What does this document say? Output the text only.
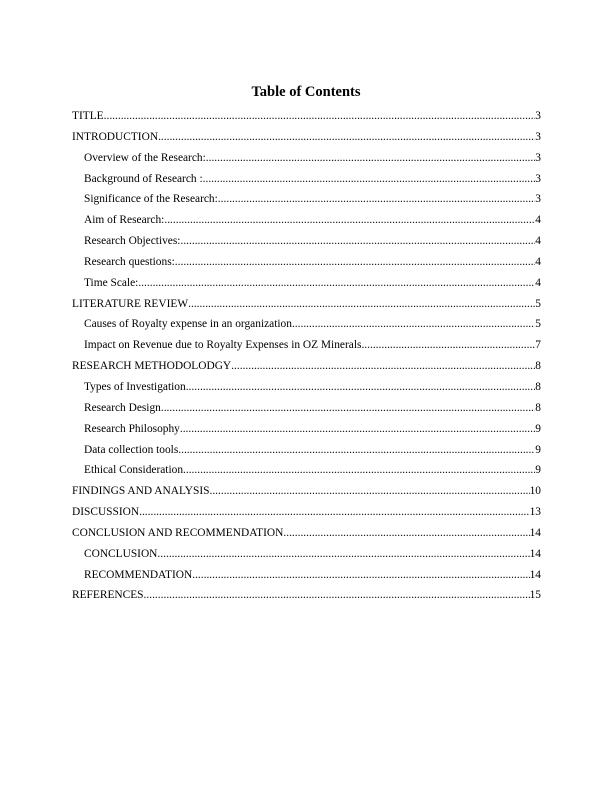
Table of Contents
TITLE .....	3
INTRODUCTION .....	3
Overview of the Research: .....	3
Background of Research : .....	3
Significance of the Research: .....	3
Aim of Research: .....	4
Research Objectives: .....	4
Research questions: .....	4
Time Scale: .....	4
LITERATURE REVIEW .....	5
Causes of Royalty expense in an organization .....	5
Impact on Revenue due to Royalty Expenses in OZ Minerals .....	7
RESEARCH METHODOLODGY .....	8
Types of Investigation .....	8
Research Design .....	8
Research Philosophy .....	9
Data collection tools .....	9
Ethical Consideration .....	9
FINDINGS AND ANALYSIS .....	10
DISCUSSION .....	13
CONCLUSION AND RECOMMENDATION .....	14
CONCLUSION .....	14
RECOMMENDATION .....	14
REFERENCES .....	15
